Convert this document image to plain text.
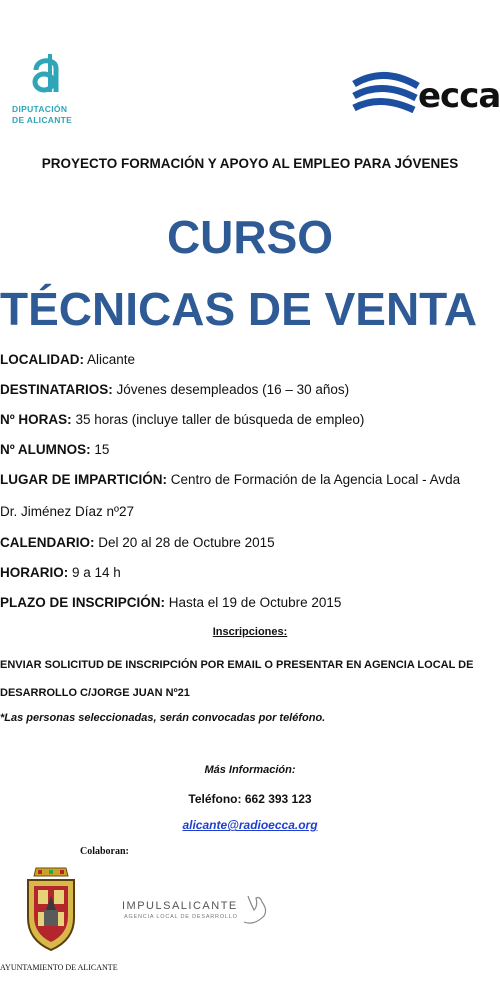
DIPUTACIÓN
DE ALICANTE
ecca
PROYECTO FORMACIÓN Y APOYO AL EMPLEO PARA JÓVENES
CURSO
TÉCNICAS DE VENTA
LOCALIDAD: Alicante
DESTINATARIOS: Jóvenes desempleados (16 – 30 años)
Nº HORAS: 35 horas (incluye taller de búsqueda de empleo)
Nº ALUMNOS: 15
LUGAR DE IMPARTICIÓN: Centro de Formación de la Agencia Local - Avda
Dr. Jiménez Díaz nº27
CALENDARIO: Del 20 al 28 de Octubre 2015
HORARIO: 9 a 14 h
PLAZO DE INSCRIPCIÓN: Hasta el 19 de Octubre 2015
Inscripciones:
ENVIAR SOLICITUD DE INSCRIPCIÓN POR EMAIL O PRESENTAR EN AGENCIA LOCAL DE
DESARROLLO C/JORGE JUAN Nº21
*Las personas seleccionadas, serán convocadas por teléfono.
Más Información:
Teléfono: 662 393 123
alicante@radioecca.org
Colaboran:
AYUNTAMIENTO DE ALICANTE
IMPULSALICANTE
AGENCIA LOCAL DE DESARROLLO
